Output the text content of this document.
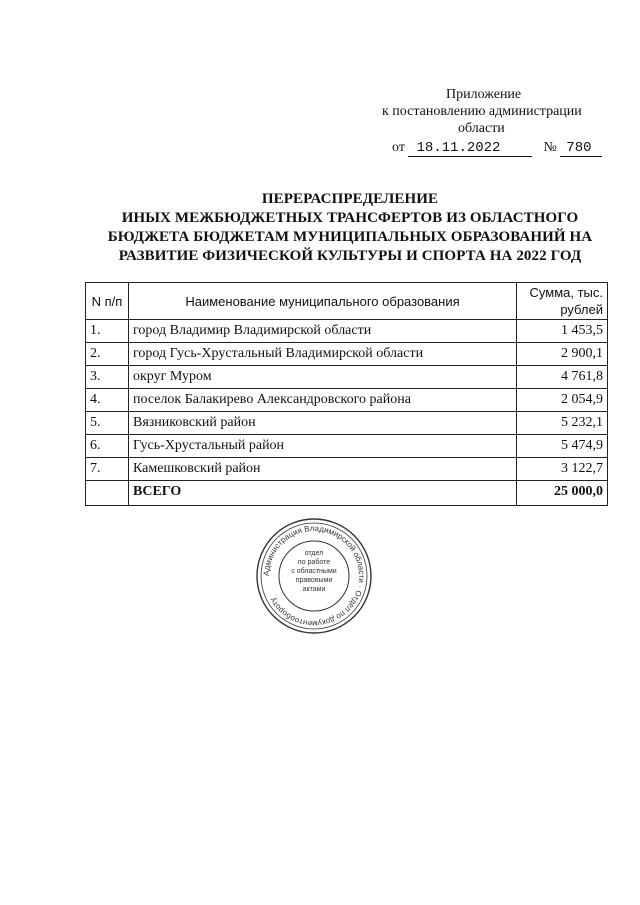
Приложение
к постановлению администрации
области
от 18.11.2022	№ 780
ПЕРЕРАСПРЕДЕЛЕНИЕ
ИНЫХ МЕЖБЮДЖЕТНЫХ ТРАНСФЕРТОВ ИЗ ОБЛАСТНОГО
БЮДЖЕТА БЮДЖЕТАМ МУНИЦИПАЛЬНЫХ ОБРАЗОВАНИЙ НА
РАЗВИТИЕ ФИЗИЧЕСКОЙ КУЛЬТУРЫ И СПОРТА НА 2022 ГОД
N п/п	Наименование муниципального образования	Сумма, тыс. рублей
1.	город Владимир Владимирской области	1 453,5
2.	город Гусь-Хрустальный Владимирской области	2 900,1
3.	округ Муром	4 761,8
4.	поселок Балакирево Александровского района	2 054,9
5.	Вязниковский район	5 232,1
6.	Гусь-Хрустальный район	5 474,9
7.	Камешковский район	3 122,7
	ВСЕГО	25 000,0
Администрация Владимирской области · Отдел по документообороту
отдел
по работе
с областными
правовыми
актами
